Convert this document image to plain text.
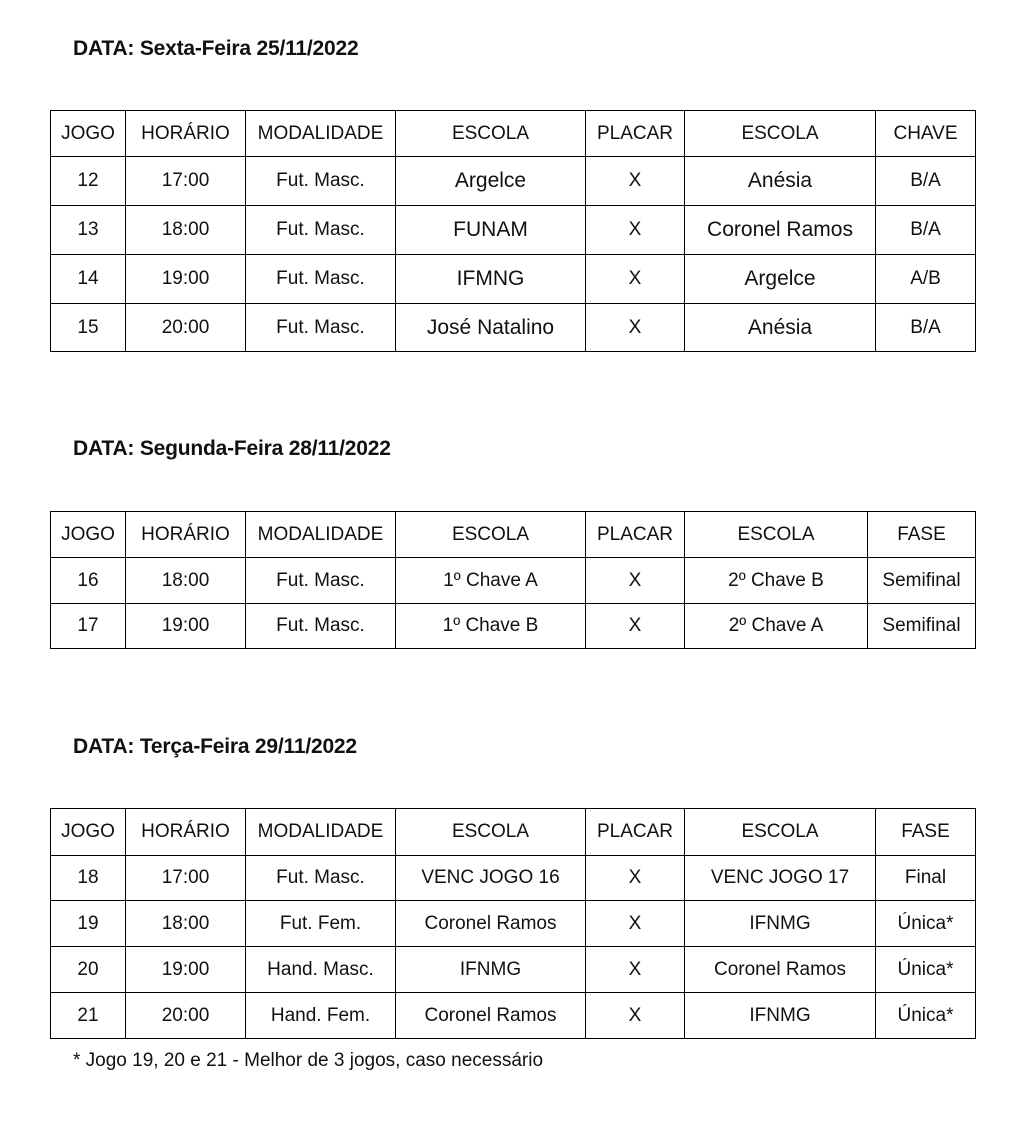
DATA: Sexta-Feira 25/11/2022
JOGO	HORÁRIO	MODALIDADE	ESCOLA	PLACAR	ESCOLA	CHAVE
12	17:00	Fut. Masc.	Argelce	X	Anésia	B/A
13	18:00	Fut. Masc.	FUNAM	X	Coronel Ramos	B/A
14	19:00	Fut. Masc.	IFMNG	X	Argelce	A/B
15	20:00	Fut. Masc.	José Natalino	X	Anésia	B/A
DATA: Segunda-Feira 28/11/2022
JOGO	HORÁRIO	MODALIDADE	ESCOLA	PLACAR	ESCOLA	FASE
16	18:00	Fut. Masc.	1º Chave A	X	2º Chave B	Semifinal
17	19:00	Fut. Masc.	1º Chave B	X	2º Chave A	Semifinal
DATA: Terça-Feira 29/11/2022
JOGO	HORÁRIO	MODALIDADE	ESCOLA	PLACAR	ESCOLA	FASE
18	17:00	Fut. Masc.	VENC JOGO 16	X	VENC JOGO 17	Final
19	18:00	Fut. Fem.	Coronel Ramos	X	IFNMG	Única*
20	19:00	Hand. Masc.	IFNMG	X	Coronel Ramos	Única*
21	20:00	Hand. Fem.	Coronel Ramos	X	IFNMG	Única*

* Jogo 19, 20 e 21 - Melhor de 3 jogos, caso necessário
